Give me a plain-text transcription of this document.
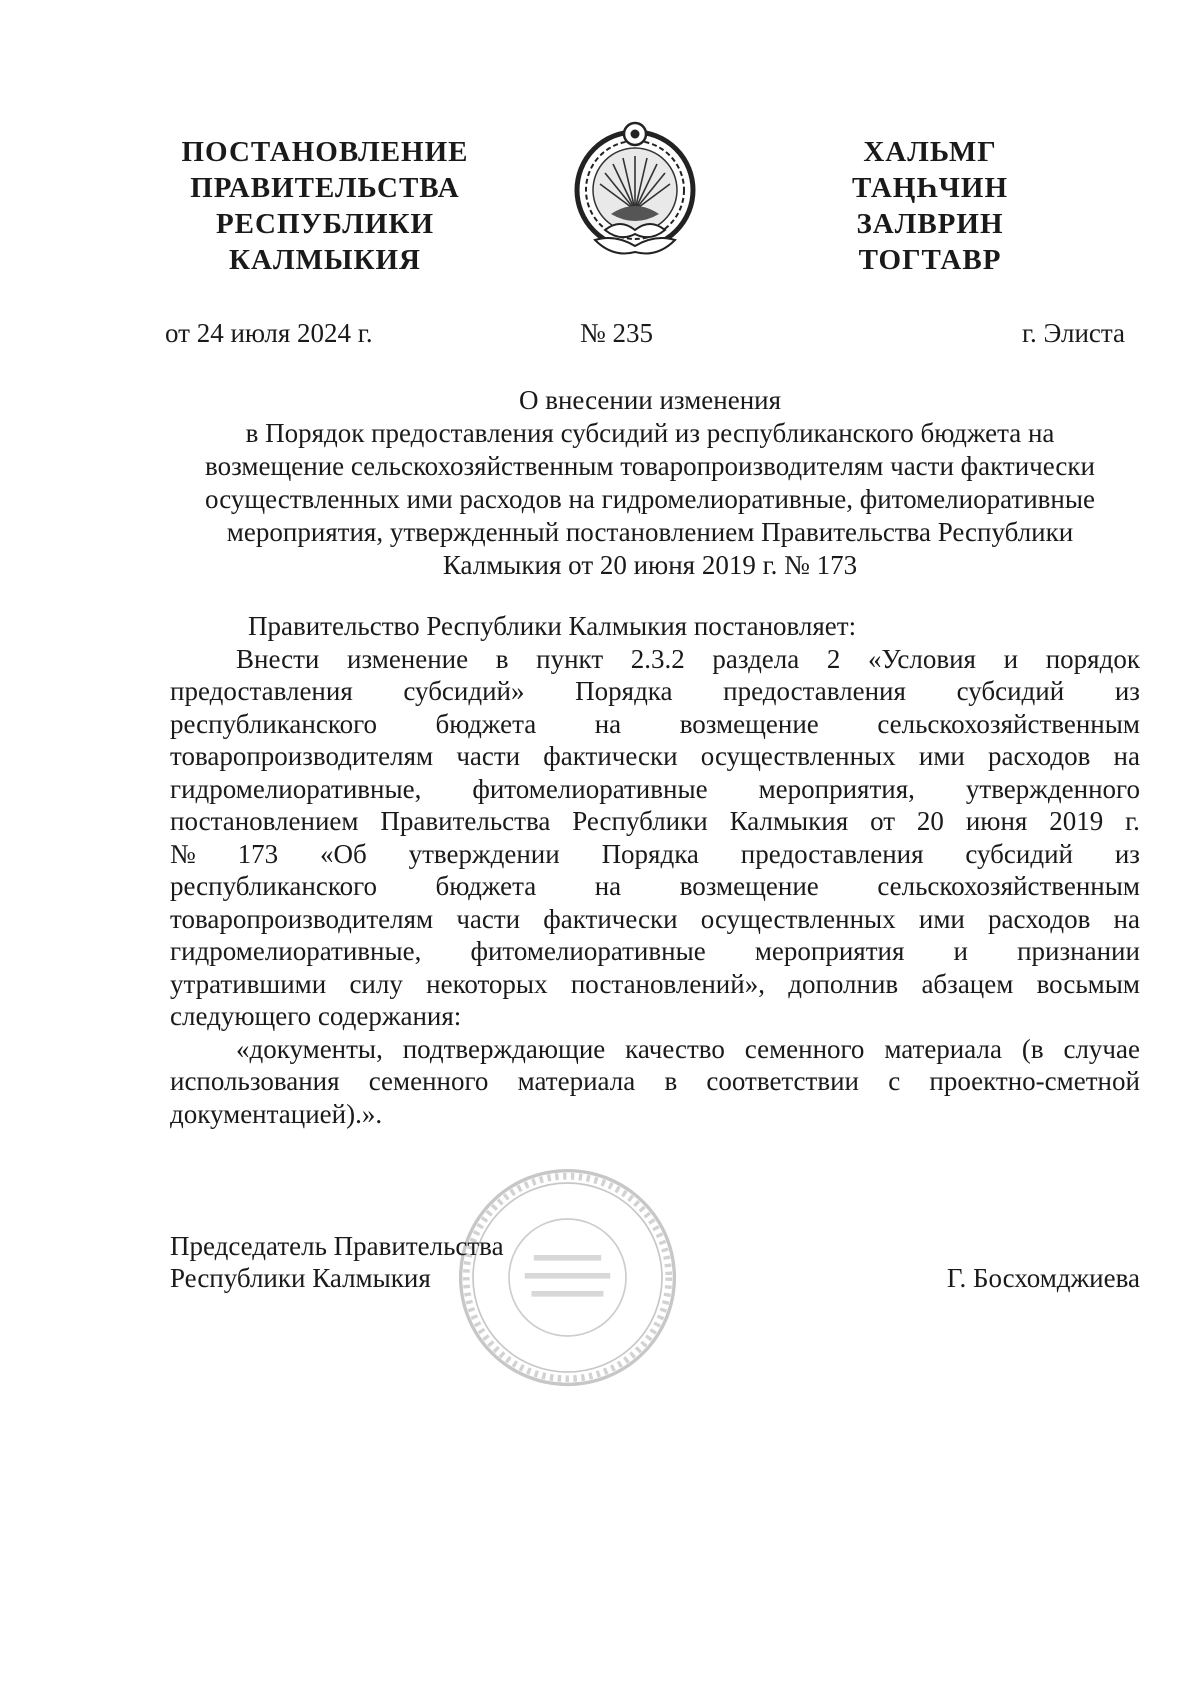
ПОСТАНОВЛЕНИЕ
ПРАВИТЕЛЬСТВА
РЕСПУБЛИКИ
КАЛМЫКИЯ
ХАЛЬМГ
ТАҢҺЧИН
ЗАЛВРИН
ТОГТАВР
от 24 июля 2024 г.	№ 235	г. Элиста
О внесении изменения
в Порядок предоставления субсидий из республиканского бюджета на
возмещение сельскохозяйственным товаропроизводителям части фактически
осуществленных ими расходов на гидромелиоративные, фитомелиоративные
мероприятия, утвержденный постановлением Правительства Республики
Калмыкия от 20 июня 2019 г. № 173
Правительство Республики Калмыкия постановляет:
Внести изменение в пункт 2.3.2 раздела 2 «Условия и порядок
предоставления субсидий» Порядка предоставления субсидий из
республиканского бюджета на возмещение сельскохозяйственным
товаропроизводителям части фактически осуществленных ими расходов на
гидромелиоративные, фитомелиоративные мероприятия, утвержденного
постановлением Правительства Республики Калмыкия от 20 июня 2019 г.
№ 173 «Об утверждении Порядка предоставления субсидий из
республиканского бюджета на возмещение сельскохозяйственным
товаропроизводителям части фактически осуществленных ими расходов на
гидромелиоративные, фитомелиоративные мероприятия и признании
утратившими силу некоторых постановлений», дополнив абзацем восьмым
следующего содержания:
«документы, подтверждающие качество семенного материала (в случае
использования семенного материала в соответствии с проектно-сметной
документацией).».
Председатель Правительства
Республики Калмыкия	Г. Босхомджиева
